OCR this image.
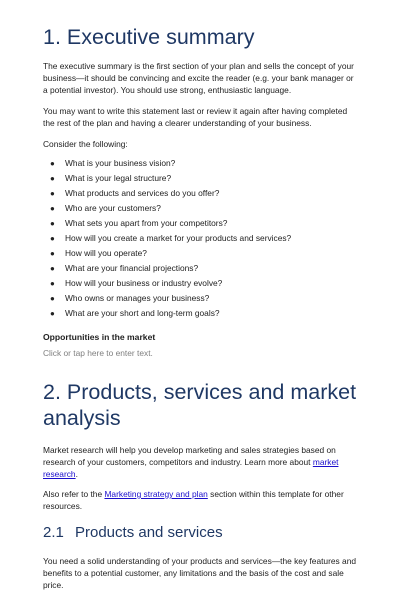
1. Executive summary

The executive summary is the first section of your plan and sells the concept of your business—it should be convincing and excite the reader (e.g. your bank manager or a potential investor). You should use strong, enthusiastic language.

You may want to write this statement last or review it again after having completed the rest of the plan and having a clearer understanding of your business.

Consider the following:

● What is your business vision?
● What is your legal structure?
● What products and services do you offer?
● Who are your customers?
● What sets you apart from your competitors?
● How will you create a market for your products and services?
● How will you operate?
● What are your financial projections?
● How will your business or industry evolve?
● Who owns or manages your business?
● What are your short and long-term goals?

Opportunities in the market

Click or tap here to enter text.

2. Products, services and market analysis

Market research will help you develop marketing and sales strategies based on research of your customers, competitors and industry. Learn more about market research.

Also refer to the Marketing strategy and plan section within this template for other resources.

2.1 Products and services

You need a solid understanding of your products and services—the key features and benefits to a potential customer, any limitations and the basis of the cost and sale price.
